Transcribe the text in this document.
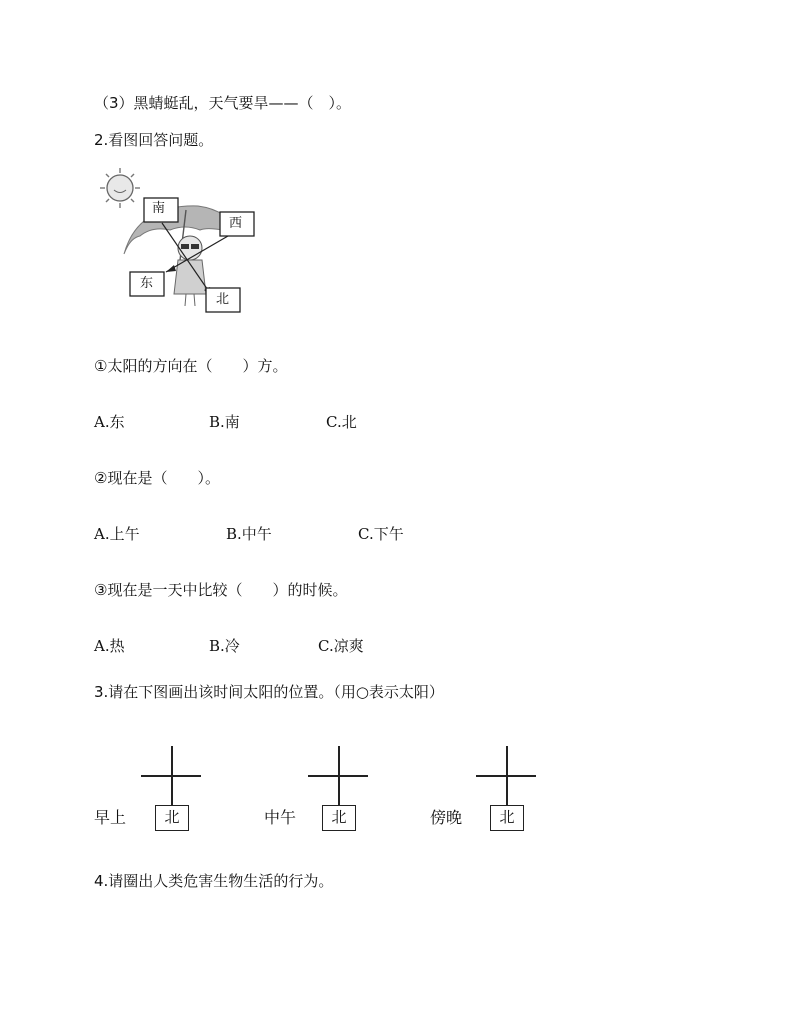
（3）黑蜻蜓乱，天气要旱——（　）。
2.看图回答问题。
南
西
东
北
①太阳的方向在（　　）方。
A.东	B.南	C.北
②现在是（　　）。
A.上午	B.中午	C.下午
③现在是一天中比较（　　）的时候。
A.热	B.冷	C.凉爽
3.请在下图画出该时间太阳的位置。（用○表示太阳）
北
早上	北
中午	北
傍晚
4.请圈出人类危害生物生活的行为。
